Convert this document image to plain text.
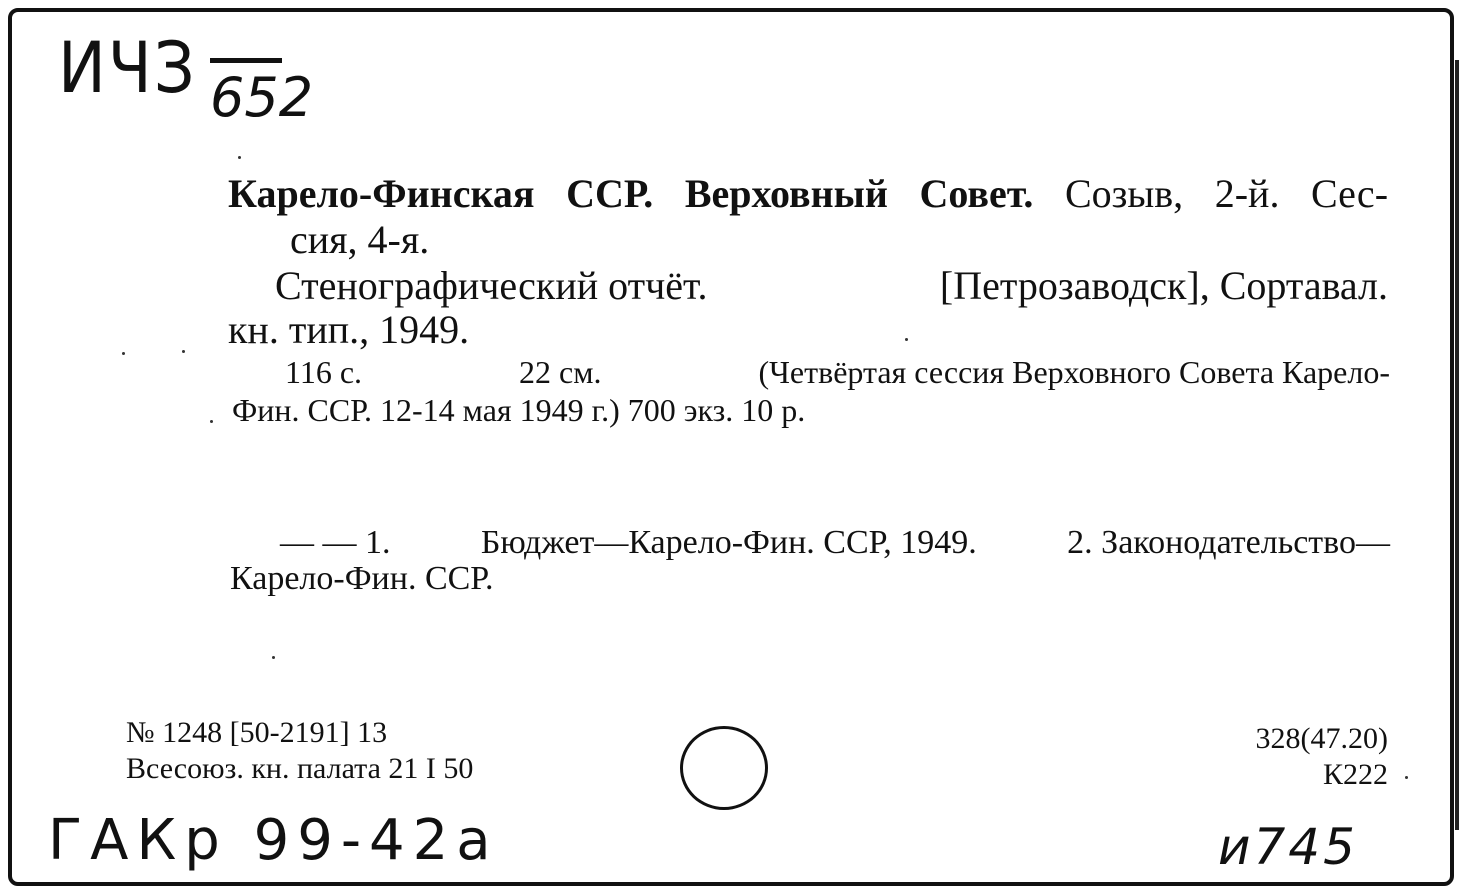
ИЧЗ 652
Карело-Финская ССР. Верховный Совет. Созыв, 2-й. Сес-
сия, 4-я.
Стенографический отчёт.	[Петрозаводск], Сортавал.
кн. тип., 1949.
116 с.	22 см.	(Четвёртая сессия Верховного Совета Карело-
Фин. ССР. 12-14 мая 1949 г.) 700 экз. 10 р.
— — 1.	Бюджет—Карело-Фин. ССР, 1949.	2. Законодательство—
Карело-Фин. ССР.
№ 1248 [50-2191] 13
Всесоюз. кн. палата 21 I 50
328(47.20)
К222
ГАКр 99-42а	и745
